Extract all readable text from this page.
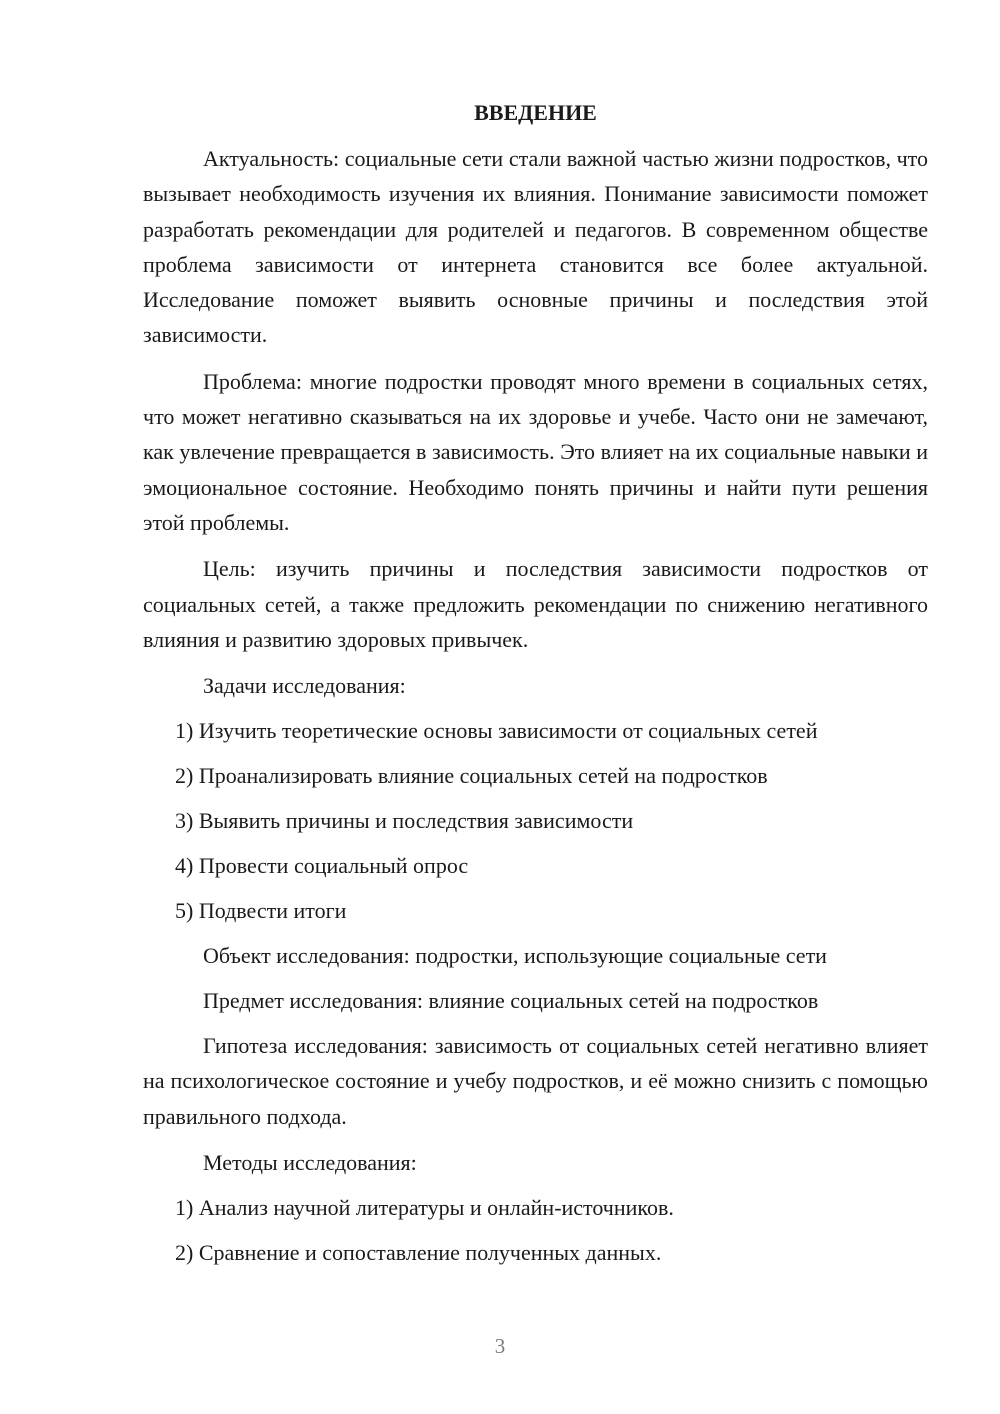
ВВЕДЕНИЕ

Актуальность: социальные сети стали важной частью жизни подростков, что вызывает необходимость изучения их влияния. Понимание зависимости поможет разработать рекомендации для родителей и педагогов. В современном обществе проблема зависимости от интернета становится все более актуальной. Исследование поможет выявить основные причины и последствия этой зависимости.

Проблема: многие подростки проводят много времени в социальных сетях, что может негативно сказываться на их здоровье и учебе. Часто они не замечают, как увлечение превращается в зависимость. Это влияет на их социальные навыки и эмоциональное состояние. Необходимо понять причины и найти пути решения этой проблемы.

Цель: изучить причины и последствия зависимости подростков от социальных сетей, а также предложить рекомендации по снижению негативного влияния и развитию здоровых привычек.

Задачи исследования:
1) Изучить теоретические основы зависимости от социальных сетей
2) Проанализировать влияние социальных сетей на подростков
3) Выявить причины и последствия зависимости
4) Провести социальный опрос
5) Подвести итоги
Объект исследования: подростки, использующие социальные сети
Предмет исследования: влияние социальных сетей на подростков

Гипотеза исследования: зависимость от социальных сетей негативно влияет на психологическое состояние и учебу подростков, и её можно снизить с помощью правильного подхода.

Методы исследования:
1) Анализ научной литературы и онлайн-источников.
2) Сравнение и сопоставление полученных данных.
3
